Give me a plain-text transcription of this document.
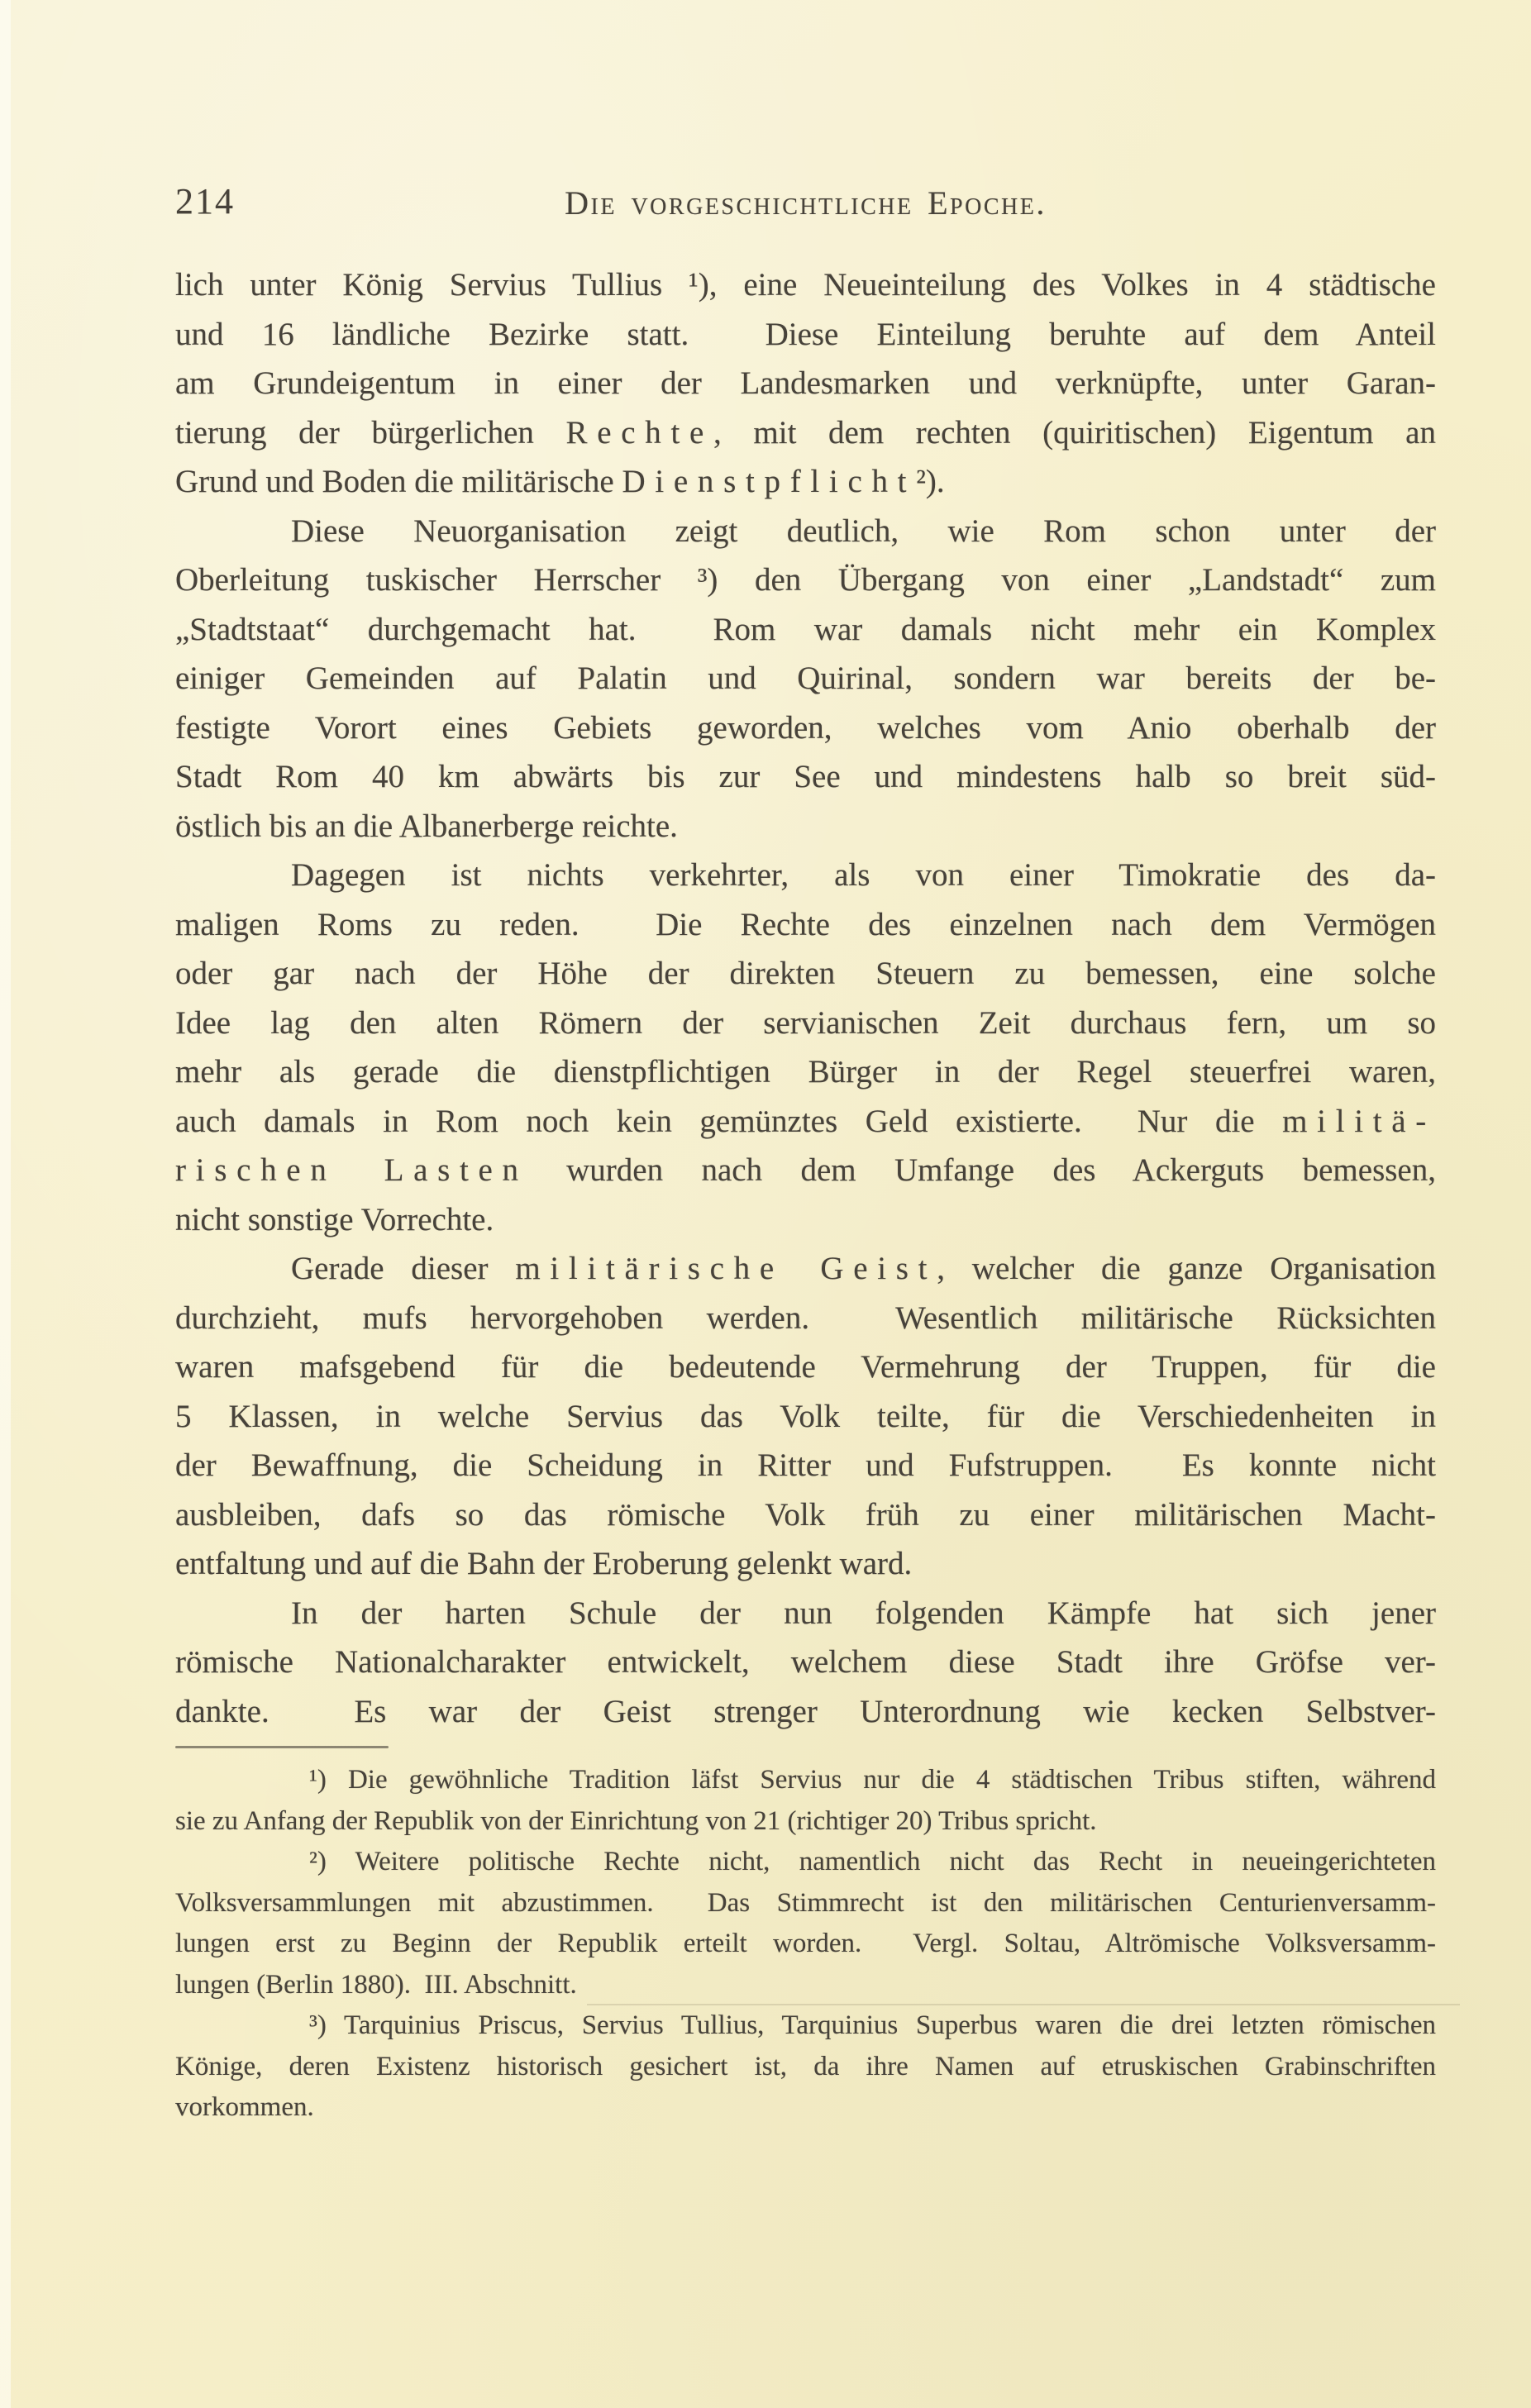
214	Die vorgeschichtliche Epoche.
lich unter König Servius Tullius ¹), eine Neueinteilung des Volkes in 4 städtische
und 16 ländliche Bezirke statt.  Diese Einteilung beruhte auf dem Anteil
am Grundeigentum in einer der Landesmarken und verknüpfte, unter Garan-
tierung der bürgerlichen Rechte, mit dem rechten (quiritischen) Eigentum an
Grund und Boden die militärische Dienstpflicht²).
Diese Neuorganisation zeigt deutlich, wie Rom schon unter der
Oberleitung tuskischer Herrscher ³) den Übergang von einer „Landstadt“ zum
„Stadtstaat“ durchgemacht hat.  Rom war damals nicht mehr ein Komplex
einiger Gemeinden auf Palatin und Quirinal, sondern war bereits der be-
festigte Vorort eines Gebiets geworden, welches vom Anio oberhalb der
Stadt Rom 40 km abwärts bis zur See und mindestens halb so breit süd-
östlich bis an die Albanerberge reichte.
Dagegen ist nichts verkehrter, als von einer Timokratie des da-
maligen Roms zu reden.  Die Rechte des einzelnen nach dem Vermögen
oder gar nach der Höhe der direkten Steuern zu bemessen, eine solche
Idee lag den alten Römern der servianischen Zeit durchaus fern, um so
mehr als gerade die dienstpflichtigen Bürger in der Regel steuerfrei waren,
auch damals in Rom noch kein gemünztes Geld existierte.  Nur die militä-
rischen Lasten wurden nach dem Umfange des Ackerguts bemessen,
nicht sonstige Vorrechte.
Gerade dieser militärische Geist, welcher die ganze Organisation
durchzieht, mufs hervorgehoben werden.  Wesentlich militärische Rücksichten
waren mafsgebend für die bedeutende Vermehrung der Truppen, für die
5 Klassen, in welche Servius das Volk teilte, für die Verschiedenheiten in
der Bewaffnung, die Scheidung in Ritter und Fufstruppen.  Es konnte nicht
ausbleiben, dafs so das römische Volk früh zu einer militärischen Macht-
entfaltung und auf die Bahn der Eroberung gelenkt ward.
In der harten Schule der nun folgenden Kämpfe hat sich jener
römische Nationalcharakter entwickelt, welchem diese Stadt ihre Gröfse ver-
dankte.  Es war der Geist strenger Unterordnung wie kecken Selbstver-
¹) Die gewöhnliche Tradition läfst Servius nur die 4 städtischen Tribus stiften, während
sie zu Anfang der Republik von der Einrichtung von 21 (richtiger 20) Tribus spricht.
²) Weitere politische Rechte nicht, namentlich nicht das Recht in neueingerichteten
Volksversammlungen mit abzustimmen.  Das Stimmrecht ist den militärischen Centurienversamm-
lungen erst zu Beginn der Republik erteilt worden.  Vergl. Soltau, Altrömische Volksversamm-
lungen (Berlin 1880).  III. Abschnitt.
³) Tarquinius Priscus, Servius Tullius, Tarquinius Superbus waren die drei letzten römischen
Könige, deren Existenz historisch gesichert ist, da ihre Namen auf etruskischen Grabinschriften
vorkommen.
